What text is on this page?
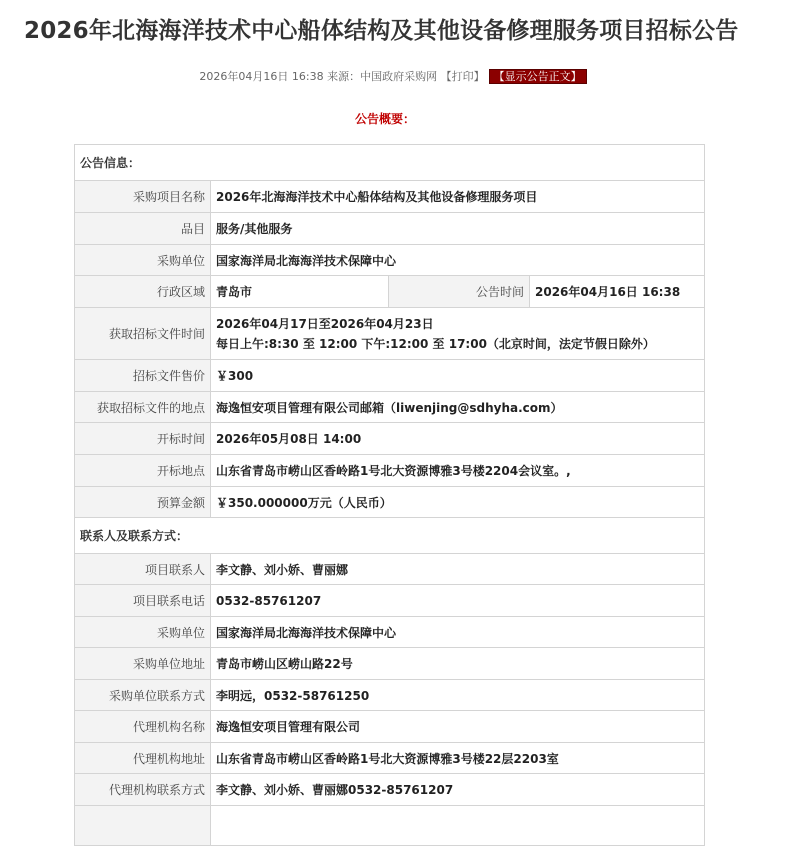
2026年北海海洋技术中心船体结构及其他设备修理服务项目招标公告
2026年04月16日 16:38 来源：中国政府采购网 【打印】 【显示公告正文】
公告概要：
公告信息：			
采购项目名称	2026年北海海洋技术中心船体结构及其他设备修理服务项目		
品目	服务/其他服务		
采购单位	国家海洋局北海海洋技术保障中心		
行政区域	青岛市	公告时间	2026年04月16日 16:38
获取招标文件时间	2026年04月17日至2026年04月23日
每日上午:8:30 至 12:00 下午:12:00 至 17:00（北京时间，法定节假日除外）		

招标文件售价	￥300		
获取招标文件的地点	海逸恒安项目管理有限公司邮箱（liwenjing@sdhyha.com）		
开标时间	2026年05月08日 14:00		
开标地点	山东省青岛市崂山区香岭路1号北大资源博雅3号楼2204会议室。,		
预算金额	￥350.000000万元（人民币）		
联系人及联系方式：			
项目联系人	李文静、刘小娇、曹丽娜		
项目联系电话	0532-85761207		
采购单位	国家海洋局北海海洋技术保障中心		
采购单位地址	青岛市崂山区崂山路22号		
采购单位联系方式	李明远，0532-58761250		
代理机构名称	海逸恒安项目管理有限公司		
代理机构地址	山东省青岛市崂山区香岭路1号北大资源博雅3号楼22层2203室		
代理机构联系方式	李文静、刘小娇、曹丽娜0532-85761207		
